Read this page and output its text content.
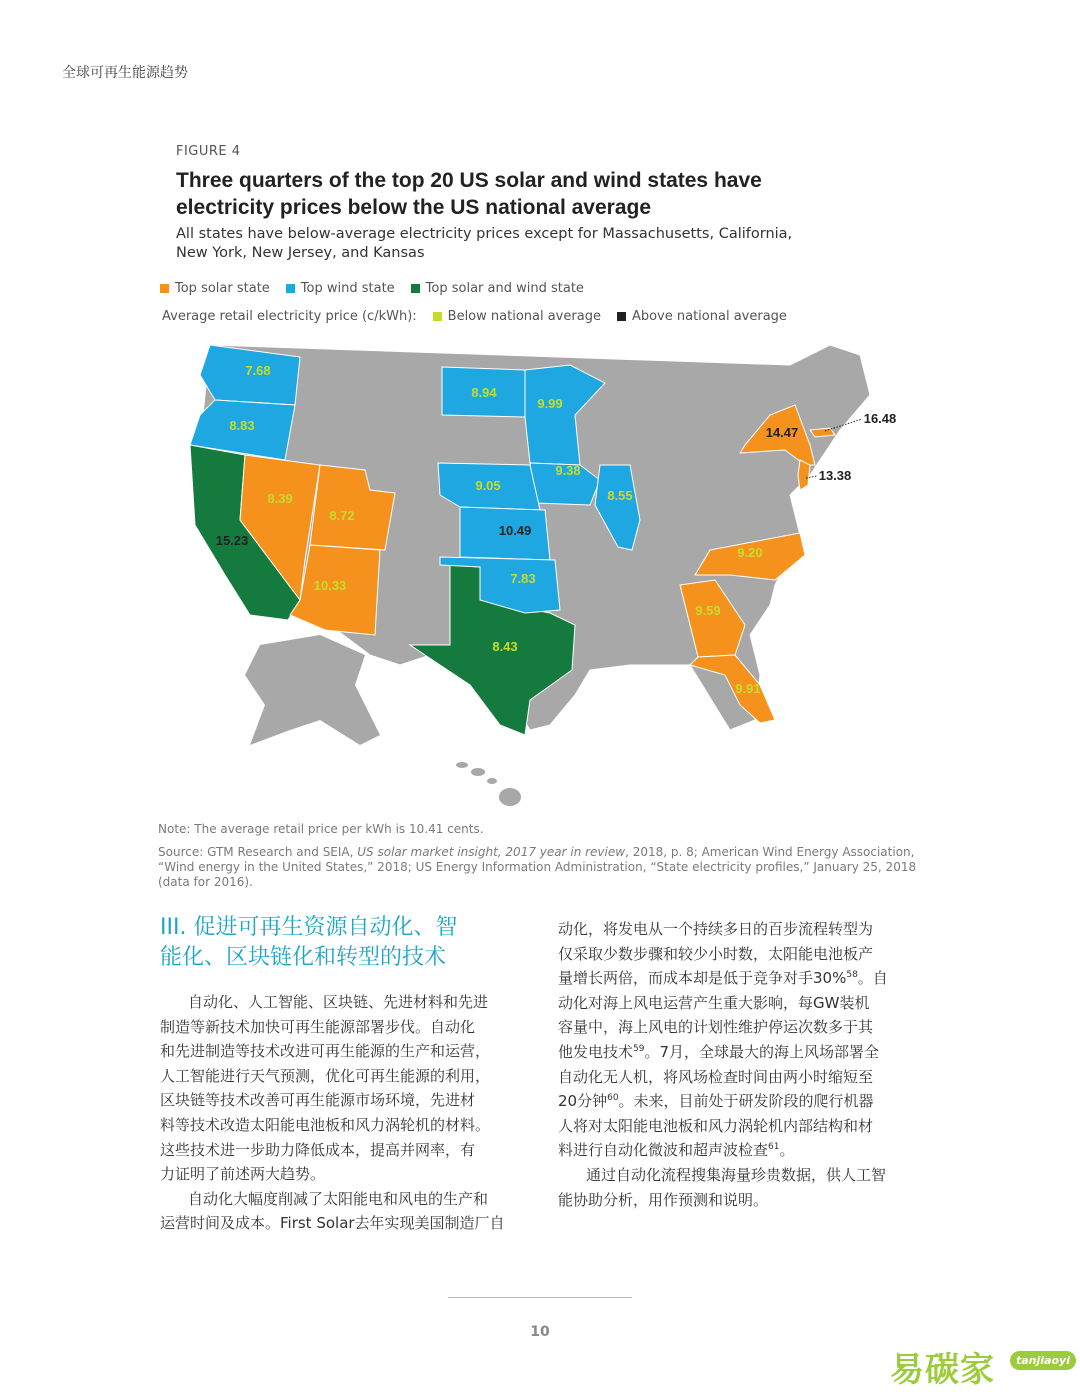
全球可再生能源趋势
FIGURE 4
Three quarters of the top 20 US solar and wind states have
electricity prices below the US national average
All states have below-average electricity prices except for Massachusetts, California,
New York, New Jersey, and Kansas
Top solar state Top wind state Top solar and wind state
Average retail electricity price (c/kWh): Below national average Above national average
7.68
8.83
15.23
8.39
8.72
10.33
8.43
8.94
9.99
9.38
9.05
10.49
7.83
8.55
9.20
9.59
9.91
14.47
16.48
13.38
Note: The average retail price per kWh is 10.41 cents.
Source: GTM Research and SEIA, US solar market insight, 2017 year in review, 2018, p. 8; American Wind Energy Association,
“Wind energy in the United States,” 2018; US Energy Information Administration, “State electricity profiles,” January 25, 2018
(data for 2016).
III. 促进可再生资源自动化、智
能化、区块链化和转型的技术
自动化、人工智能、区块链、先进材料和先进
制造等新技术加快可再生能源部署步伐。自动化
和先进制造等技术改进可再生能源的生产和运营，
人工智能进行天气预测，优化可再生能源的利用，
区块链等技术改善可再生能源市场环境，先进材
料等技术改造太阳能电池板和风力涡轮机的材料。
这些技术进一步助力降低成本，提高并网率，有
力证明了前述两大趋势。
自动化大幅度削减了太阳能电和风电的生产和
运营时间及成本。First Solar去年实现美国制造厂自
动化，将发电从一个持续多日的百步流程转型为
仅采取少数步骤和较少小时数，太阳能电池板产
量增长两倍，而成本却是低于竞争对手30%$^{58}$。自
动化对海上风电运营产生重大影响，每GW装机
容量中，海上风电的计划性维护停运次数多于其
他发电技术$^{59}$。7月，全球最大的海上风场部署全
自动化无人机，将风场检查时间由两小时缩短至
20分钟$^{60}$。未来，目前处于研发阶段的爬行机器
人将对太阳能电池板和风力涡轮机内部结构和材
料进行自动化微波和超声波检查$^{61}$。
通过自动化流程搜集海量珍贵数据，供人工智
能协助分析，用作预测和说明。
10
易碳家	tanjiaoyi
